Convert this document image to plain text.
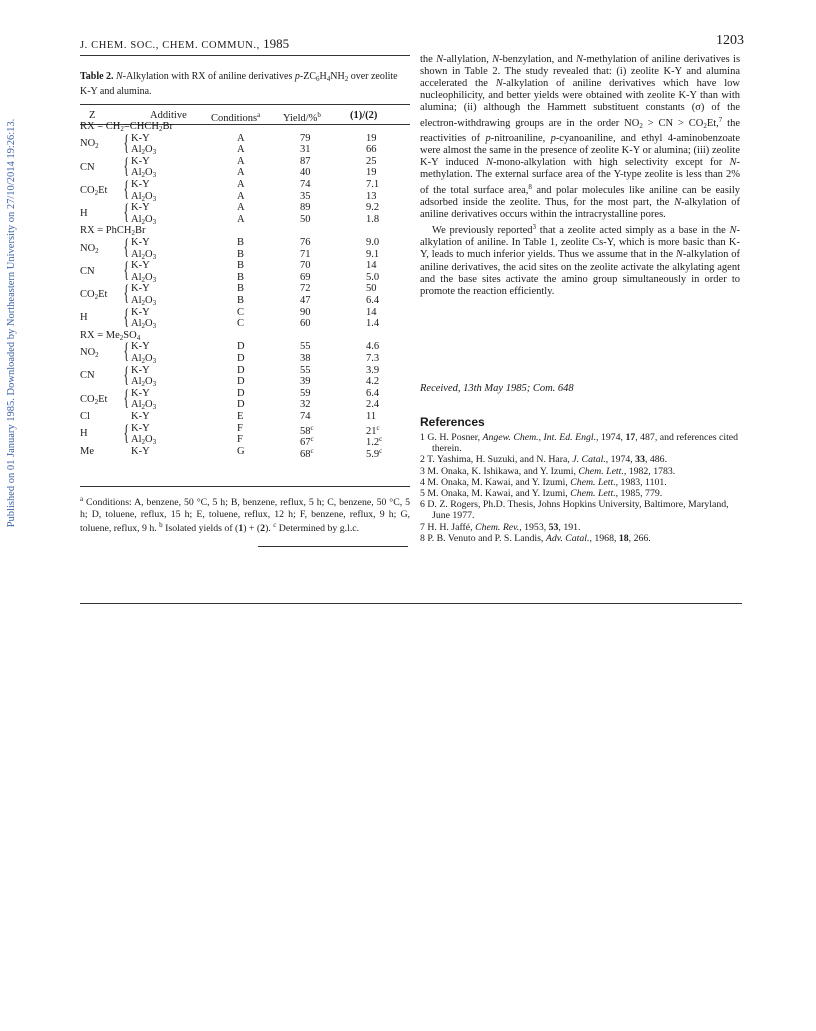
J. CHEM. SOC., CHEM. COMMUN., 1985	1203
Published on 01 January 1985. Downloaded by Northeastern University on 27/10/2014 19:26:13.
Table 2. N-Alkylation with RX of aniline derivatives $p-ZC_6H_4NH_2$ over zeolite K-Y and alumina.
Z	Additive Conditions$^a$ Yield/%$^b$	(1)/(2)
RX = $CH_2=CHCH_2Br$
$NO_2$ { K-Y	A	79	19
$Al_2O_3$	A	31	66
CN { K-Y	A	87	25
$Al_2O_3$	A	40	19
$CO_2Et$ { K-Y	A	74	7.1
$Al_2O_3$	A	35	13
H { K-Y	A	89	9.2
$Al_2O_3$	A	50	1.8
RX = PhCH$_2$Br
$NO_2$ { K-Y	B	76	9.0
$Al_2O_3$	B	71	9.1
CN { K-Y	B	70	14
$Al_2O_3$	B	69	5.0
$CO_2Et$ { K-Y	B	72	50
$Al_2O_3$	B	47	6.4
H { K-Y	C	90	14
$Al_2O_3$	C	60	1.4
RX = $Me_2SO_4$
$NO_2$ { K-Y	D	55	4.6
$Al_2O_3$	D	38	7.3
CN { K-Y	D	55	3.9
$Al_2O_3$	D	39	4.2
$CO_2Et$ { K-Y	D	59	6.4
$Al_2O_3$	D	32	2.4
Cl	K-Y	E	74	11
H { K-Y	F	58$^c$	21$^c$
$Al_2O_3$	F	67$^c$	1.2$^c$
Me	K-Y	G	68$^c$	5.9$^c$
$^a$ Conditions: A, benzene, 50 °C, 5 h; B, benzene, reflux, 5 h; C, benzene, 50 °C, 5 h; D, toluene, reflux, 15 h; E, toluene, reflux, 12 h; F, benzene, reflux, 9 h; G, toluene, reflux, 9 h. $^b$ Isolated yields of (1) + (2). $^c$ Determined by g.l.c.

the N-allylation, N-benzylation, and N-methylation of aniline derivatives is shown in Table 2. The study revealed that: (i) zeolite K-Y and alumina accelerated the N-alkylation of aniline derivatives which have low nucleophilicity, and better yields were obtained with zeolite K-Y than with alumina; (ii) although the Hammett substituent constants (σ) of the electron-withdrawing groups are in the order $NO_2$ > CN > $CO_2Et,^7$ the reactivities of p-nitroaniline, p-cyanoaniline, and ethyl 4-aminobenzoate were almost the same in the presence of zeolite K-Y or alumina; (iii) zeolite K-Y induced N-mono-alkylation with high selectivity except for N-methylation. The external surface area of the Y-type zeolite is less than 2% of the total surface area,$^8$ and polar molecules like aniline can be easily adsorbed inside the zeolite. Thus, for the most part, the N-alkylation of aniline derivatives occurs within the intracrystalline pores.

We previously reported$^3$ that a zeolite acted simply as a base in the N-alkylation of aniline. In Table 1, zeolite Cs-Y, which is more basic than K-Y, leads to much inferior yields. Thus we assume that in the N-alkylation of aniline derivatives, the acid sites on the zeolite activate the alkylating agent and the base sites activate the amino group simultaneously in order to promote the reaction efficiently.

Received, 13th May 1985; Com. 648
References

1 G. H. Posner, Angew. Chem., Int. Ed. Engl., 1974, 17, 487, and references cited therein.

2 T. Yashima, H. Suzuki, and N. Hara, J. Catal., 1974, 33, 486.

3 M. Onaka, K. Ishikawa, and Y. Izumi, Chem. Lett., 1982, 1783.

4 M. Onaka, M. Kawai, and Y. Izumi, Chem. Lett., 1983, 1101.

5 M. Onaka, M. Kawai, and Y. Izumi, Chem. Lett., 1985, 779.

6 D. Z. Rogers, Ph.D. Thesis, Johns Hopkins University, Baltimore, Maryland, June 1977.

7 H. H. Jaffé, Chem. Rev., 1953, 53, 191.

8 P. B. Venuto and P. S. Landis, Adv. Catal., 1968, 18, 266.
